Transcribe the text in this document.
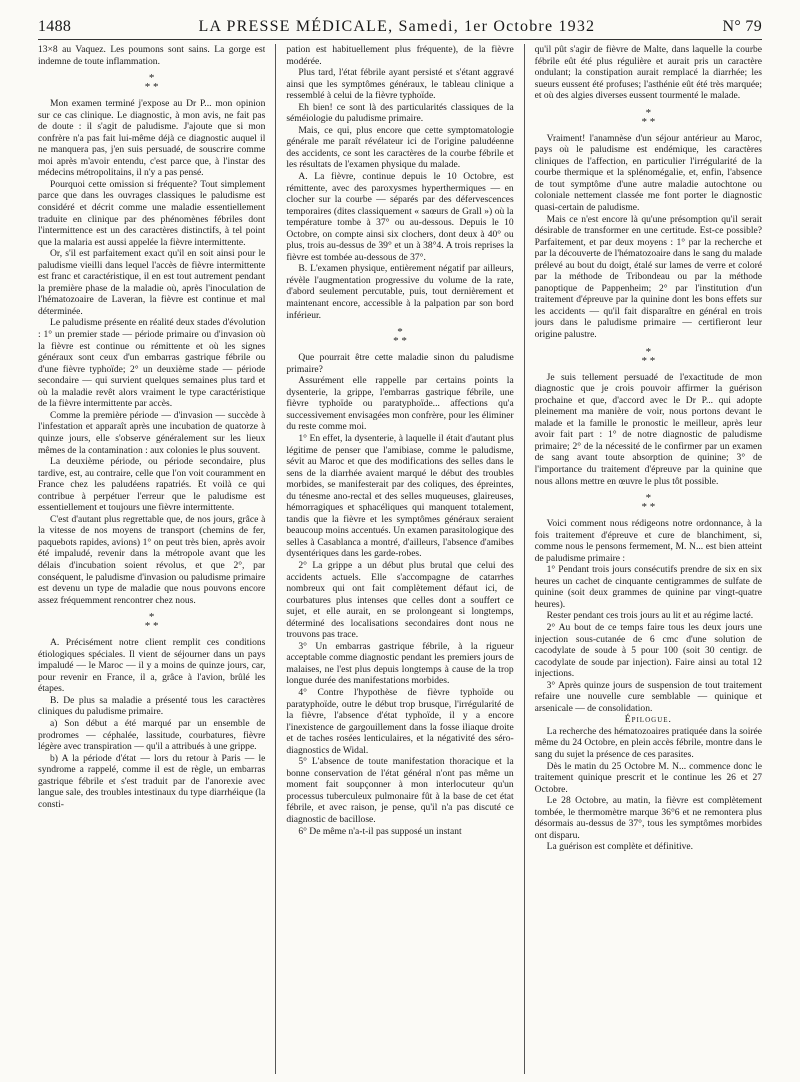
1488	LA PRESSE MÉDICALE, Samedi, 1er Octobre 1932	N° 79

13×8 au Vaquez. Les poumons sont sains. La gorge est indemne de toute inflammation.

*
* *

Mon examen terminé j'expose au Dr P... mon opinion sur ce cas clinique. Le diagnostic, à mon avis, ne fait pas de doute : il s'agit de paludisme. J'ajoute que si mon confrère n'a pas fait lui-même déjà ce diagnostic auquel il ne manquera pas, j'en suis persuadé, de souscrire comme moi après m'avoir entendu, c'est parce que, à l'instar des médecins métropolitains, il n'y a pas pensé.

Pourquoi cette omission si fréquente? Tout simplement parce que dans les ouvrages classiques le paludisme est considéré et décrit comme une maladie essentiellement traduite en clinique par des phénomènes fébriles dont l'intermittence est un des caractères distinctifs, à tel point que la malaria est aussi appelée la fièvre intermittente.

Or, s'il est parfaitement exact qu'il en soit ainsi pour le paludisme vieilli dans lequel l'accès de fièvre intermittente est franc et caractéristique, il en est tout autrement pendant la première phase de la maladie où, après l'inoculation de l'hématozoaire de Laveran, la fièvre est continue et mal déterminée.

Le paludisme présente en réalité deux stades d'évolution : 1° un premier stade — période primaire ou d'invasion où la fièvre est continue ou rémittente et où les signes généraux sont ceux d'un embarras gastrique fébrile ou d'une fièvre typhoïde; 2° un deuxième stade — période secondaire — qui survient quelques semaines plus tard et où la maladie revêt alors vraiment le type caractéristique de la fièvre intermittente par accès.

Comme la première période — d'invasion — succède à l'infestation et apparaît après une incubation de quatorze à quinze jours, elle s'observe généralement sur les lieux mêmes de la contamination : aux colonies le plus souvent.

La deuxième période, ou période secondaire, plus tardive, est, au contraire, celle que l'on voit couramment en France chez les paludéens rapatriés. Et voilà ce qui contribue à perpétuer l'erreur que le paludisme est essentiellement et toujours une fièvre intermittente.

C'est d'autant plus regrettable que, de nos jours, grâce à la vitesse de nos moyens de transport (chemins de fer, paquebots rapides, avions) 1° on peut très bien, après avoir été impaludé, revenir dans la métropole avant que les délais d'incubation soient révolus, et que 2°, par conséquent, le paludisme d'invasion ou paludisme primaire est devenu un type de maladie que nous pouvons encore assez fréquemment rencontrer chez nous.

*
* *

A. Précisément notre client remplit ces conditions étiologiques spéciales. Il vient de séjourner dans un pays impaludé — le Maroc — il y a moins de quinze jours, car, pour revenir en France, il a, grâce à l'avion, brûlé les étapes.

B. De plus sa maladie a présenté tous les caractères cliniques du paludisme primaire.

a) Son début a été marqué par un ensemble de prodromes — céphalée, lassitude, courbatures, fièvre légère avec transpiration — qu'il a attribués à une grippe.

b) A la période d'état — lors du retour à Paris — le syndrome a rappelé, comme il est de règle, un embarras gastrique fébrile et s'est traduit par de l'anorexie avec langue sale, des troubles intestinaux du type diarrhéique (la consti-

pation est habituellement plus fréquente), de la fièvre modérée.

Plus tard, l'état fébrile ayant persisté et s'étant aggravé ainsi que les symptômes généraux, le tableau clinique a ressemblé à celui de la fièvre typhoïde.

Eh bien! ce sont là des particularités classiques de la séméiologie du paludisme primaire.

Mais, ce qui, plus encore que cette symptomatologie générale me paraît révélateur ici de l'origine paludéenne des accidents, ce sont les caractères de la courbe fébrile et les résultats de l'examen physique du malade.

A. La fièvre, continue depuis le 10 Octobre, est rémittente, avec des paroxysmes hyperthermiques — en clocher sur la courbe — séparés par des défervescences temporaires (dites classiquement « saœurs de Grall ») où la température tombe à 37° ou au-dessous. Depuis le 10 Octobre, on compte ainsi six clochers, dont deux à 40° ou plus, trois au-dessus de 39° et un à 38°4. A trois reprises la fièvre est tombée au-dessous de 37°.

B. L'examen physique, entièrement négatif par ailleurs, révèle l'augmentation progressive du volume de la rate, d'abord seulement percutable, puis, tout dernièrement et maintenant encore, accessible à la palpation par son bord inférieur.

*
* *

Que pourrait être cette maladie sinon du paludisme primaire?

Assurément elle rappelle par certains points la dysenterie, la grippe, l'embarras gastrique fébrile, une fièvre typhoïde ou paratyphoïde... affections qu'a successivement envisagées mon confrère, pour les éliminer du reste comme moi.

1° En effet, la dysenterie, à laquelle il était d'autant plus légitime de penser que l'amibiase, comme le paludisme, sévit au Maroc et que des modifications des selles dans le sens de la diarrhée avaient marqué le début des troubles morbides, se manifesterait par des coliques, des épreintes, du ténesme ano-rectal et des selles muqueuses, glaireuses, hémorragiques et sphacéliques qui manquent totalement, tandis que la fièvre et les symptômes généraux seraient beaucoup moins accentués. Un examen parasitologique des selles à Casablanca a montré, d'ailleurs, l'absence d'amibes dysentériques dans les garde-robes.

2° La grippe a un début plus brutal que celui des accidents actuels. Elle s'accompagne de catarrhes nombreux qui ont fait complètement défaut ici, de courbatures plus intenses que celles dont a souffert ce sujet, et elle aurait, en se prolongeant si longtemps, déterminé des localisations secondaires dont nous ne trouvons pas trace.

3° Un embarras gastrique fébrile, à la rigueur acceptable comme diagnostic pendant les premiers jours de malaises, ne l'est plus depuis longtemps à cause de la trop longue durée des manifestations morbides.

4° Contre l'hypothèse de fièvre typhoïde ou paratyphoïde, outre le début trop brusque, l'irrégularité de la fièvre, l'absence d'état typhoïde, il y a encore l'inexistence de gargouillement dans la fosse iliaque droite et de taches rosées lenticulaires, et la négativité des séro-diagnostics de Widal.

5° L'absence de toute manifestation thoracique et la bonne conservation de l'état général n'ont pas même un moment fait soupçonner à mon interlocuteur qu'un processus tuberculeux pulmonaire fût à la base de cet état fébrile, et avec raison, je pense, qu'il n'a pas discuté ce diagnostic de bacillose.

6° De même n'a-t-il pas supposé un instant

qu'il pût s'agir de fièvre de Malte, dans laquelle la courbe fébrile eût été plus régulière et aurait pris un caractère ondulant; la constipation aurait remplacé la diarrhée; les sueurs eussent été profuses; l'asthénie eût été très marquée; et où des algies diverses eussent tourmenté le malade.

*
* *

Vraiment! l'anamnèse d'un séjour antérieur au Maroc, pays où le paludisme est endémique, les caractères cliniques de l'affection, en particulier l'irrégularité de la courbe thermique et la splénomégalie, et, enfin, l'absence de tout symptôme d'une autre maladie autochtone ou coloniale nettement classée me font porter le diagnostic quasi-certain de paludisme.

Mais ce n'est encore là qu'une présomption qu'il serait désirable de transformer en une certitude. Est-ce possible? Parfaitement, et par deux moyens : 1° par la recherche et par la découverte de l'hématozoaire dans le sang du malade prélevé au bout du doigt, étalé sur lames de verre et coloré par la méthode de Tribondeau ou par la méthode panoptique de Pappenheim; 2° par l'institution d'un traitement d'épreuve par la quinine dont les bons effets sur les accidents — qu'il fait disparaître en général en trois jours dans le paludisme primaire — certifieront leur origine palustre.

*
* *

Je suis tellement persuadé de l'exactitude de mon diagnostic que je crois pouvoir affirmer la guérison prochaine et que, d'accord avec le Dr P... qui adopte pleinement ma manière de voir, nous portons devant le malade et la famille le pronostic le meilleur, après leur avoir fait part : 1° de notre diagnostic de paludisme primaire; 2° de la nécessité de le confirmer par un examen de sang avant toute absorption de quinine; 3° de l'importance du traitement d'épreuve par la quinine que nous allons mettre en œuvre le plus tôt possible.

*
* *

Voici comment nous rédigeons notre ordonnance, à la fois traitement d'épreuve et cure de blanchiment, si, comme nous le pensons fermement, M. N... est bien atteint de paludisme primaire :

1° Pendant trois jours consécutifs prendre de six en six heures un cachet de cinquante centigrammes de sulfate de quinine (soit deux grammes de quinine par vingt-quatre heures).

Rester pendant ces trois jours au lit et au régime lacté.

2° Au bout de ce temps faire tous les deux jours une injection sous-cutanée de 6 cmc d'une solution de cacodylate de soude à 5 pour 100 (soit 30 centigr. de cacodylate de soude par injection). Faire ainsi au total 12 injections.

3° Après quinze jours de suspension de tout traitement refaire une nouvelle cure semblable — quinique et arsenicale — de consolidation.

Épilogue.

La recherche des hématozoaires pratiquée dans la soirée même du 24 Octobre, en plein accès fébrile, montre dans le sang du sujet la présence de ces parasites.

Dès le matin du 25 Octobre M. N... commence donc le traitement quinique prescrit et le continue les 26 et 27 Octobre.

Le 28 Octobre, au matin, la fièvre est complètement tombée, le thermomètre marque 36°6 et ne remontera plus désormais au-dessus de 37°, tous les symptômes morbides ont disparu.

La guérison est complète et définitive.
